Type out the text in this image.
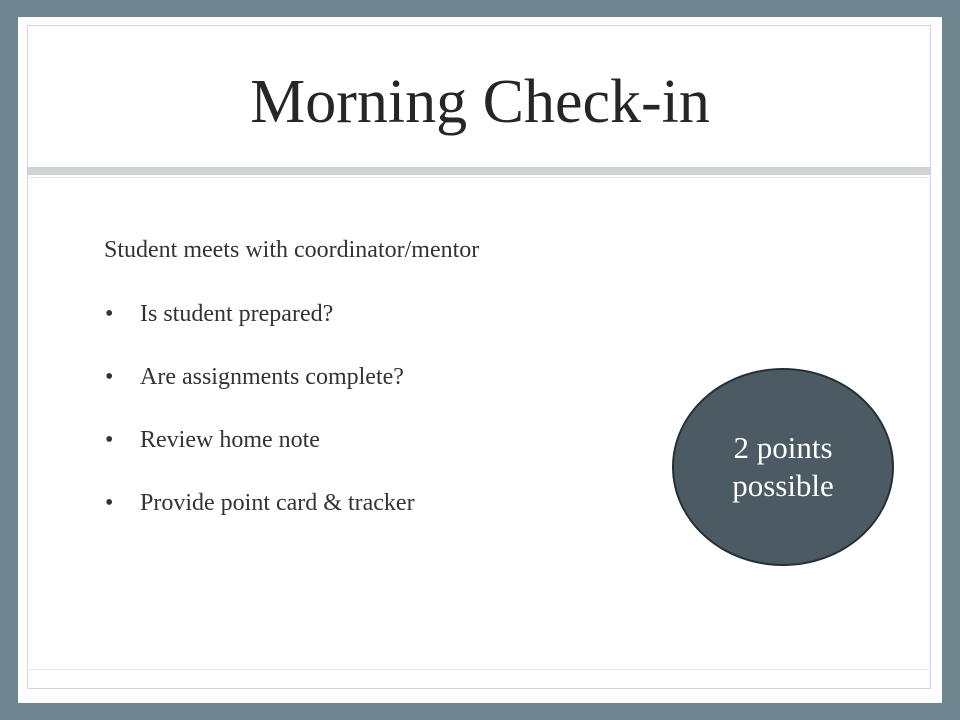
Morning Check-in

Student meets with coordinator/mentor

•	Is student prepared?
•	Are assignments complete?
•	Review home note
•	Provide point card & tracker
2 points
possible
